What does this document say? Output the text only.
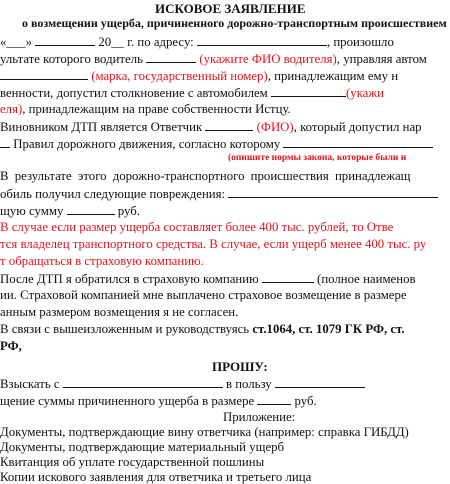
ИСКОВОЕ ЗАЯВЛЕНИЕ
о возмещении ущерба, причиненного дорожно-транспортным происшествием
«___»	20__ г. по адресу:	, произошло
ультате которого водитель	(укажите ФИО водителя), управляя автом
(марка, государственный номер), принадлежащим ему н
венности, допустил столкновение с автомобилем	(укажи
еля), принадлежащим на праве собственности Истцу.
Виновником ДТП является Ответчик	(ФИО), который допустил нар
Правил дорожного движения, согласно которому
(опишите нормы закона, которые были н
В результате этого дорожно-транспортного происшествия принадлежащ
обиль получил следующие повреждения:
щую сумму	руб.
В случае если размер ущерба составляет более 400 тыс. рублей, то Отве
тся владелец транспортного средства. В случае, если ущерб менее 400 тыс. ру
т обращаться в страховую компанию.
После ДТП я обратился в страховую компанию	(полное наименов
ии. Страховой компанией мне выплачено страховое возмещение в размере
анным размером возмещения я не согласен.
В связи с вышеизложенным и руководствуясь ст.1064, ст. 1079 ГК РФ, ст.
РФ,
ПРОШУ:
Взыскать с	в пользу
щение суммы причиненного ущерба в размере	руб.
Приложение:
Документы, подтверждающие вину ответчика (например: справка ГИБДД)
Документы, подтверждающие материальный ущерб
Квитанция об уплате государственной пошлины
Копии искового заявления для ответчика и третьего лица
